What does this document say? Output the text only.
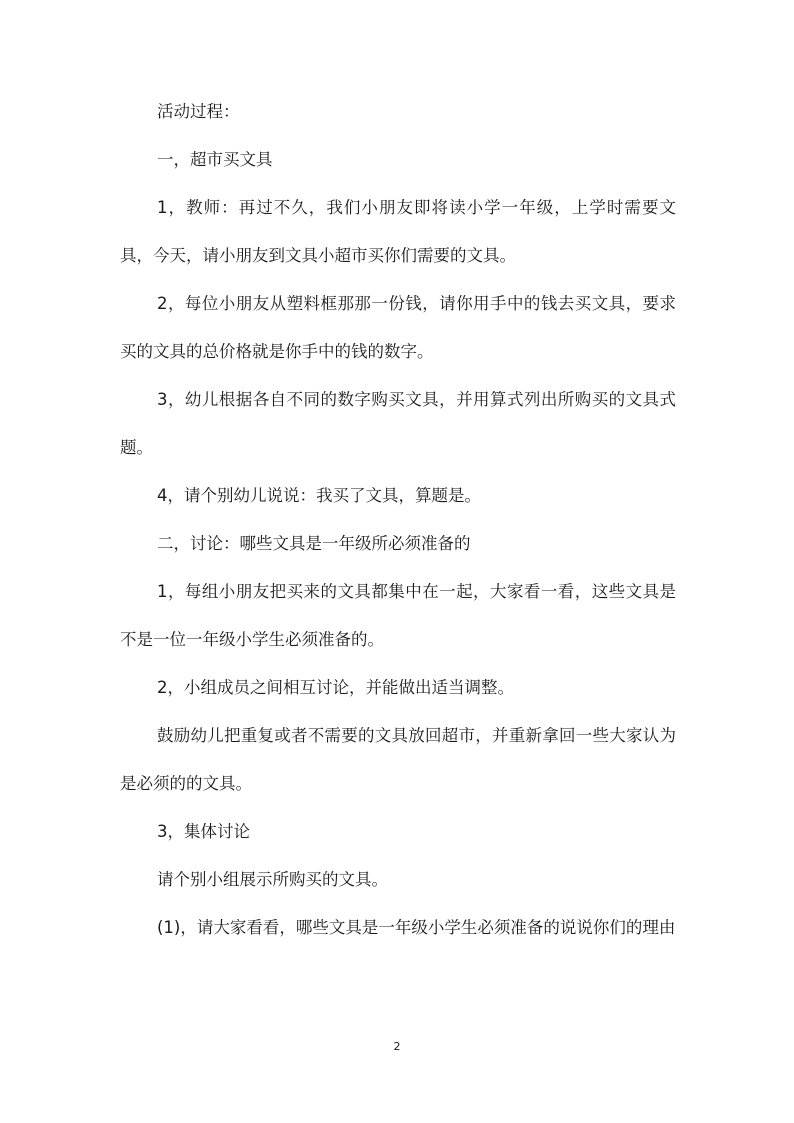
活动过程：

一，超市买文具

1，教师：再过不久，我们小朋友即将读小学一年级，上学时需要文具，今天，请小朋友到文具小超市买你们需要的文具。

2，每位小朋友从塑料框那那一份钱，请你用手中的钱去买文具，要求买的文具的总价格就是你手中的钱的数字。

3，幼儿根据各自不同的数字购买文具，并用算式列出所购买的文具式题。

4，请个别幼儿说说：我买了文具，算题是。

二，讨论：哪些文具是一年级所必须准备的

1，每组小朋友把买来的文具都集中在一起，大家看一看，这些文具是不是一位一年级小学生必须准备的。

2，小组成员之间相互讨论，并能做出适当调整。

鼓励幼儿把重复或者不需要的文具放回超市，并重新拿回一些大家认为是必须的的文具。

3，集体讨论

请个别小组展示所购买的文具。

(1)，请大家看看，哪些文具是一年级小学生必须准备的说说你们的理由

2
